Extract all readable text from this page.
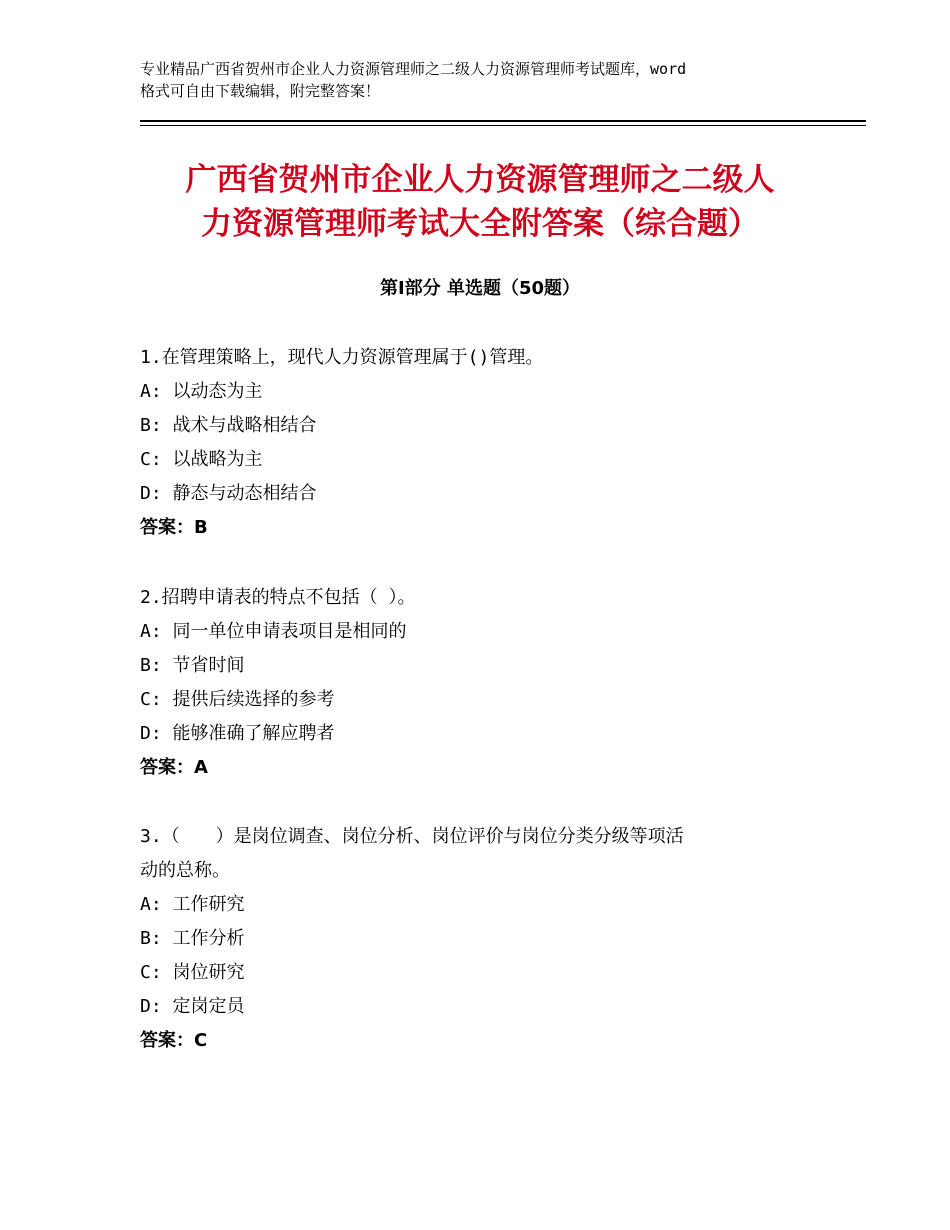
专业精品广西省贺州市企业人力资源管理师之二级人力资源管理师考试题库，word
格式可自由下载编辑，附完整答案！
广西省贺州市企业人力资源管理师之二级人
力资源管理师考试大全附答案（综合题）
第Ⅰ部分 单选题（50题）
1.在管理策略上，现代人力资源管理属于()管理。
A: 以动态为主
B: 战术与战略相结合
C: 以战略为主
D: 静态与动态相结合
答案：B
2.招聘申请表的特点不包括（ ）。
A: 同一单位申请表项目是相同的
B: 节省时间
C: 提供后续选择的参考
D: 能够准确了解应聘者
答案：A
3.（　　）是岗位调查、岗位分析、岗位评价与岗位分类分级等项活
动的总称。
A: 工作研究
B: 工作分析
C: 岗位研究
D: 定岗定员
答案：C
